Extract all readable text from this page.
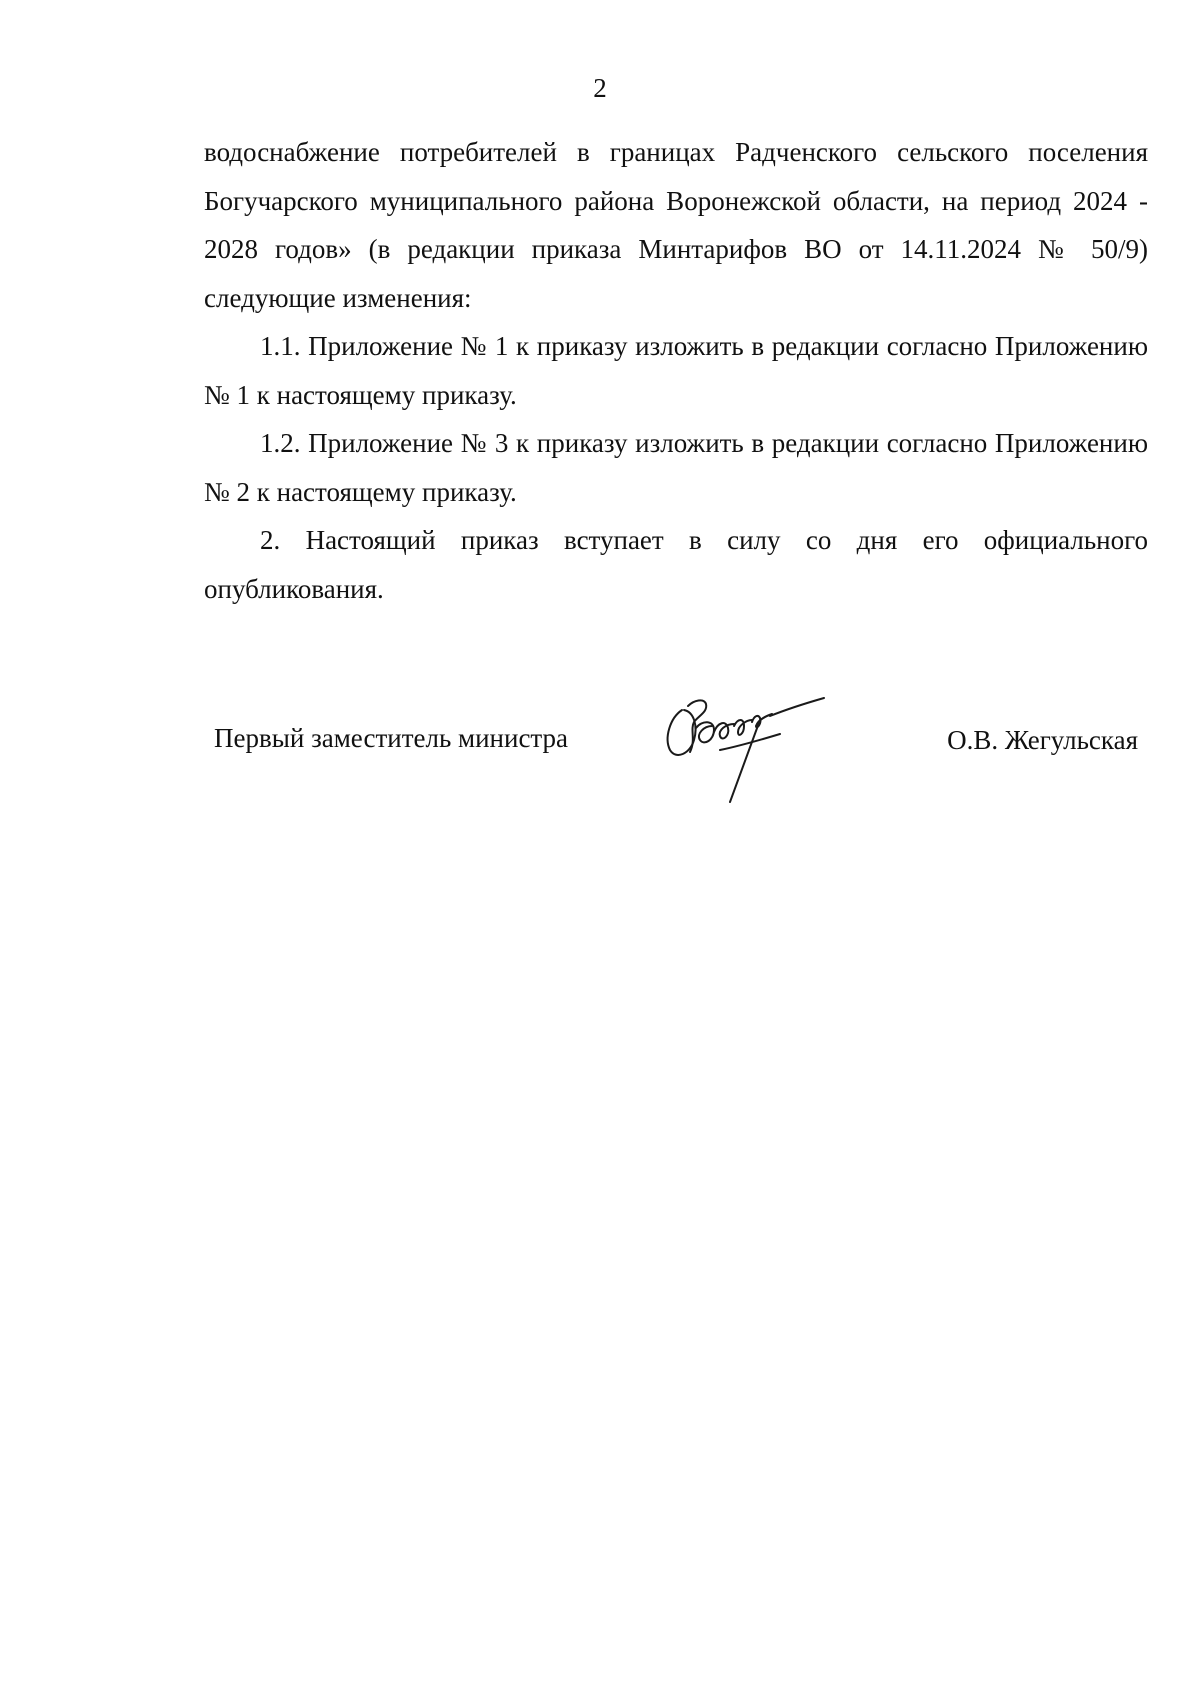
2

водоснабжение потребителей в границах Радченского сельского поселения Богучарского муниципального района Воронежской области, на период 2024 - 2028 годов» (в редакции приказа Минтарифов ВО от 14.11.2024 № 50/9) следующие изменения:

1.1. Приложение № 1 к приказу изложить в редакции согласно Приложению № 1 к настоящему приказу.

1.2. Приложение № 3 к приказу изложить в редакции согласно Приложению № 2 к настоящему приказу.

2. Настоящий приказ вступает в силу со дня его официального опубликования.

Первый заместитель министра	О.В. Жегульская
